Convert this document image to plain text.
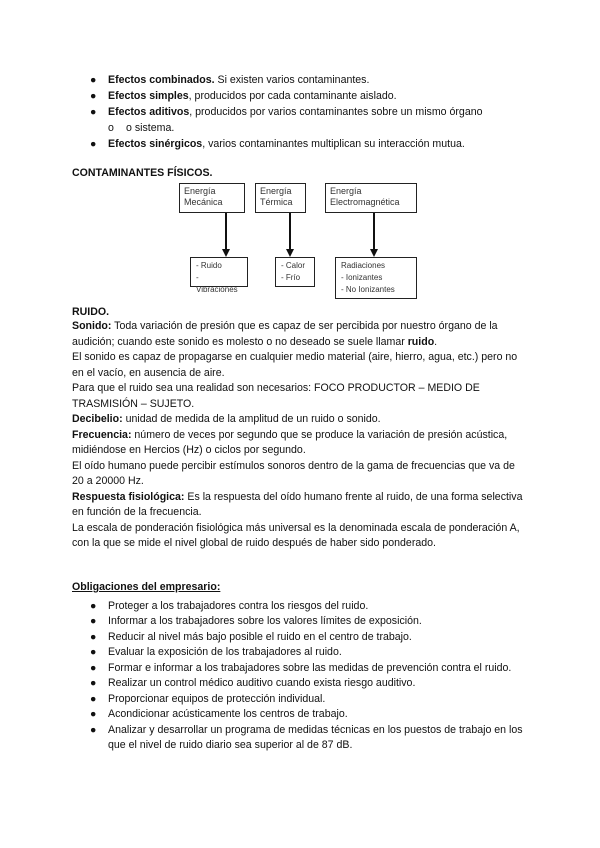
●	Efectos combinados. Si existen varios contaminantes.
●	Efectos simples, producidos por cada contaminante aislado.
●	Efectos aditivos, producidos por varios contaminantes sobre un mismo órgano
o	o sistema.
●	Efectos sinérgicos, varios contaminantes multiplican su interacción mutua.
CONTAMINANTES FÍSICOS.
Energía
Mecánica
Energía
Térmica
Energía
Electromagnética
- Ruido
- Vibraciones
- Calor
- Frío
Radiaciones
- Ionizantes
- No Ionizantes
RUIDO.

Sonido: Toda variación de presión que es capaz de ser percibida por nuestro órgano de la audición; cuando este sonido es molesto o no deseado se suele llamar ruido.

El sonido es capaz de propagarse en cualquier medio material (aire, hierro, agua, etc.) pero no en el vacío, en ausencia de aire.

Para que el ruido sea una realidad son necesarios: FOCO PRODUCTOR – MEDIO DE TRASMISIÓN – SUJETO.

Decibelio: unidad de medida de la amplitud de un ruido o sonido.

Frecuencia: número de veces por segundo que se produce la variación de presión acústica, midiéndose en Hercios (Hz) o ciclos por segundo.

El oído humano puede percibir estímulos sonoros dentro de la gama de frecuencias que va de 20 a 20000 Hz.

Respuesta fisiológica: Es la respuesta del oído humano frente al ruido, de una forma selectiva en función de la frecuencia.

La escala de ponderación fisiológica más universal es la denominada escala de ponderación A, con la que se mide el nivel global de ruido después de haber sido ponderado.

Obligaciones del empresario:

● Proteger a los trabajadores contra los riesgos del ruido.
● Informar a los trabajadores sobre los valores límites de exposición.
● Reducir al nivel más bajo posible el ruido en el centro de trabajo.
● Evaluar la exposición de los trabajadores al ruido.
● Formar e informar a los trabajadores sobre las medidas de prevención contra el ruido.
● Realizar un control médico auditivo cuando exista riesgo auditivo.
● Proporcionar equipos de protección individual.
● Acondicionar acústicamente los centros de trabajo.
● Analizar y desarrollar un programa de medidas técnicas en los puestos de trabajo en los que el nivel de ruido diario sea superior al de 87 dB.
